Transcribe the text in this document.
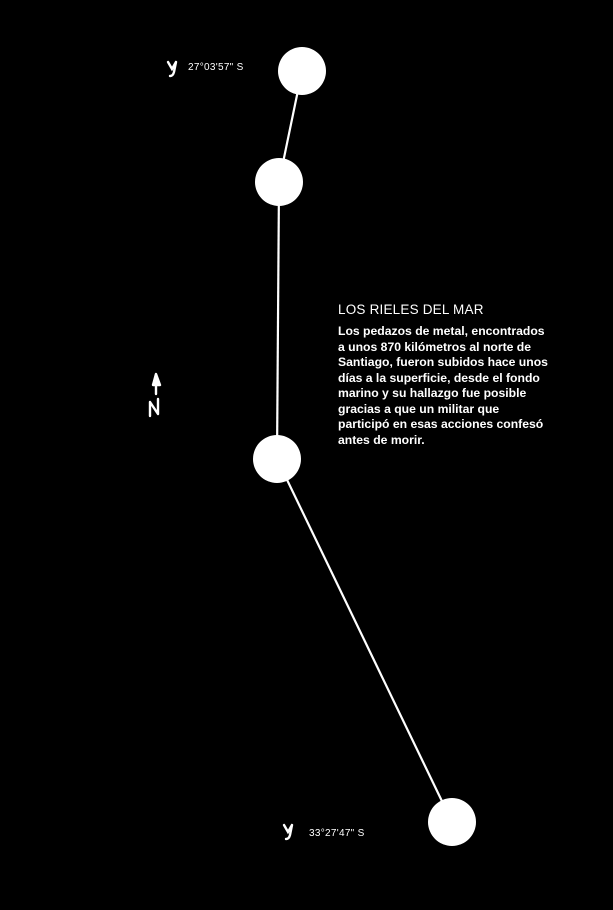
27°03'57" S
33°27'47" S
LOS RIELES DEL MAR

Los pedazos de metal, encontrados
a unos 870 kilómetros al norte de
Santiago, fueron subidos hace unos
días a la superficie, desde el fondo
marino y su hallazgo fue posible
gracias a que un militar que
participó en esas acciones confesó
antes de morir.
